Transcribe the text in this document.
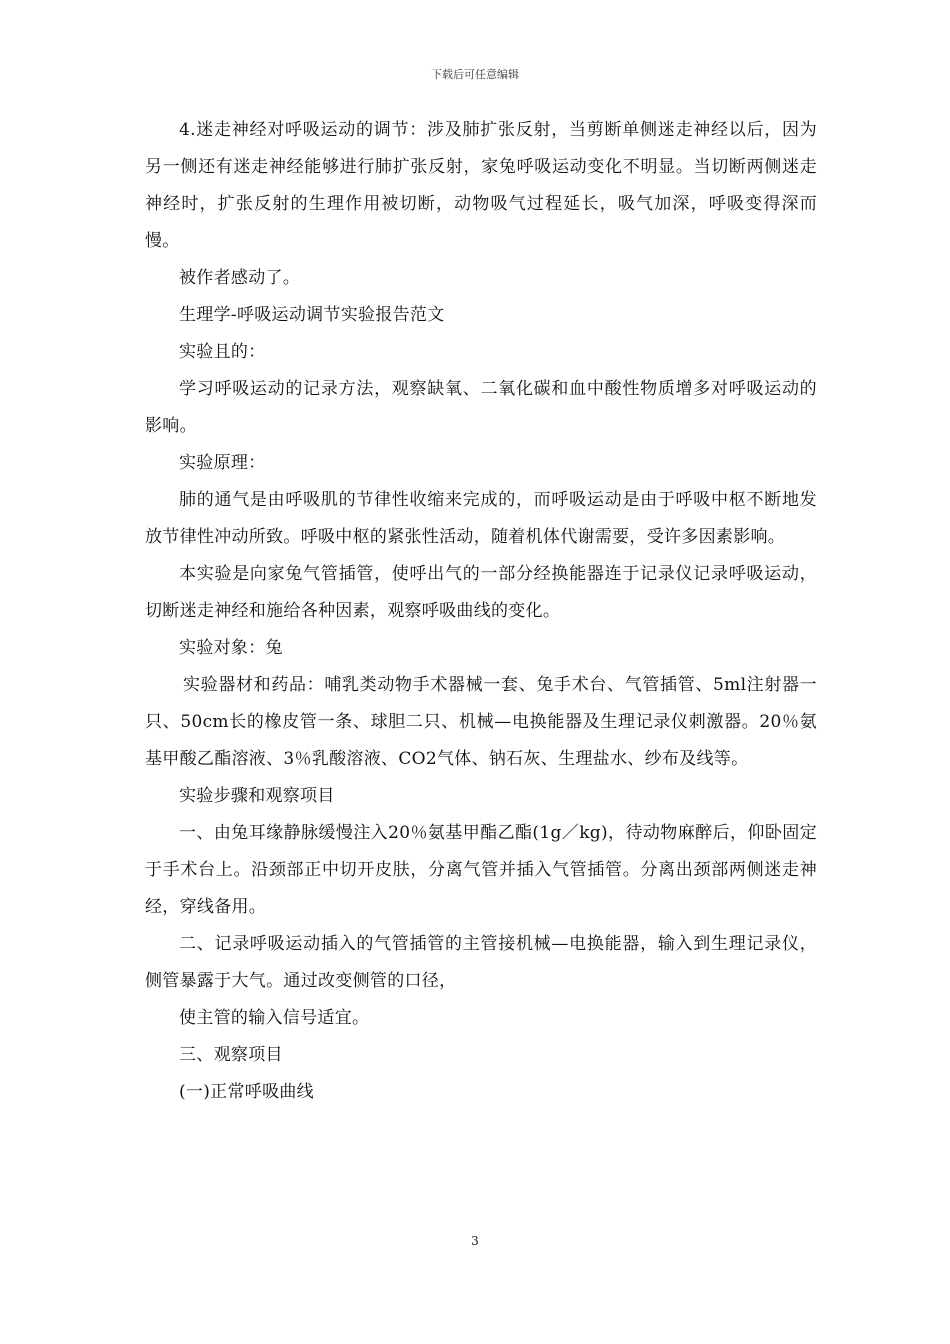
下载后可任意编辑

4.迷走神经对呼吸运动的调节：涉及肺扩张反射，当剪断单侧迷走神经以后，因为另一侧还有迷走神经能够进行肺扩张反射，家兔呼吸运动变化不明显。当切断两侧迷走神经时，扩张反射的生理作用被切断，动物吸气过程延长，吸气加深，呼吸变得深而慢。

被作者感动了。

生理学-呼吸运动调节实验报告范文

实验且的：

学习呼吸运动的记录方法，观察缺氧、二氧化碳和血中酸性物质增多对呼吸运动的影响。

实验原理：

肺的通气是由呼吸肌的节律性收缩来完成的，而呼吸运动是由于呼吸中枢不断地发放节律性冲动所致。呼吸中枢的紧张性活动，随着机体代谢需要，受许多因素影响。

本实验是向家兔气管插管，使呼出气的一部分经换能器连于记录仪记录呼吸运动，切断迷走神经和施给各种因素，观察呼吸曲线的变化。

实验对象：兔

实验器材和药品：哺乳类动物手术器械一套、兔手术台、气管插管、5ml注射器一只、50cm长的橡皮管一条、球胆二只、机械—电换能器及生理记录仪刺激器。20％氨基甲酸乙酯溶液、3％乳酸溶液、CO2气体、钠石灰、生理盐水、纱布及线等。

实验步骤和观察项目

一、由兔耳缘静脉缓慢注入20％氨基甲酯乙酯(1g／kg)，待动物麻醉后，仰卧固定于手术台上。沿颈部正中切开皮肤，分离气管并插入气管插管。分离出颈部两侧迷走神经，穿线备用。

二、记录呼吸运动插入的气管插管的主管接机械—电换能器，输入到生理记录仪，侧管暴露于大气。通过改变侧管的口径，

使主管的输入信号适宜。

三、观察项目

(一)正常呼吸曲线

3
